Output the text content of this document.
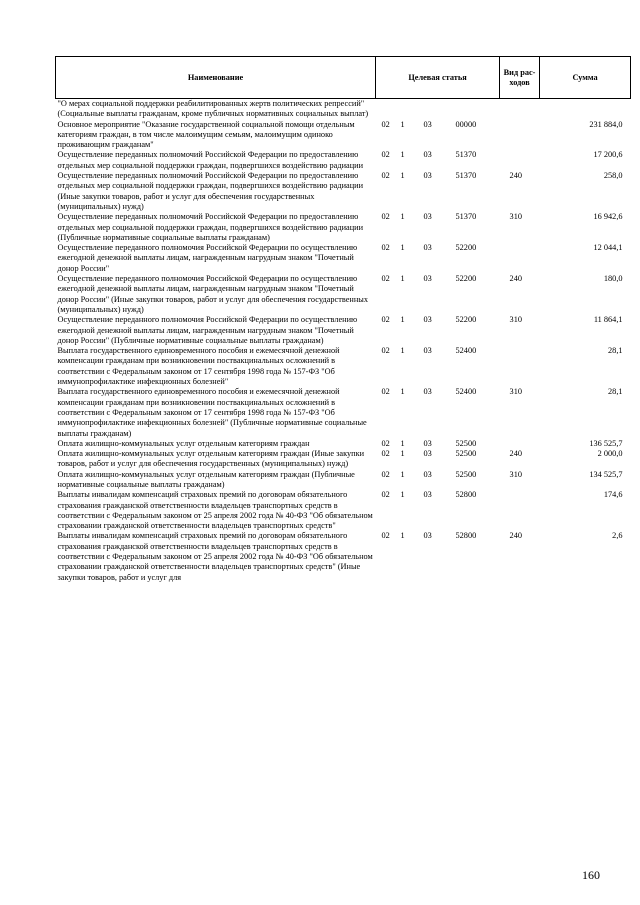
Наименование	Целевая статья				Вид рас-ходов	Сумма
"О мерах социальной поддержки реабилитированных жертв политических репрессий" (Социальные выплаты гражданам, кроме публичных нормативных социальных выплат)						
Основное мероприятие "Оказание государственной социальной помощи отдельным категориям граждан, в том числе малоимущим семьям, малоимущим одиноко проживающим гражданам"	02	1	03	00000		231 884,0
Осуществление переданных полномочий Российской Федерации по предоставлению отдельных мер социальной поддержки граждан, подвергшихся воздействию радиации	02	1	03	51370		17 200,6
Осуществление переданных полномочий Российской Федерации по предоставлению отдельных мер социальной поддержки граждан, подвергшихся воздействию радиации (Иные закупки товаров, работ и услуг для обеспечения государственных (муниципальных) нужд)	02	1	03	51370	240	258,0
Осуществление переданных полномочий Российской Федерации по предоставлению отдельных мер социальной поддержки граждан, подвергшихся воздействию радиации (Публичные нормативные социальные выплаты гражданам)	02	1	03	51370	310	16 942,6
Осуществление переданного полномочия Российской Федерации по осуществлению ежегодной денежной выплаты лицам, награжденным нагрудным знаком "Почетный донор России"	02	1	03	52200		12 044,1
Осуществление переданного полномочия Российской Федерации по осуществлению ежегодной денежной выплаты лицам, награжденным нагрудным знаком "Почетный донор России" (Иные закупки товаров, работ и услуг для обеспечения государственных (муниципальных) нужд)	02	1	03	52200	240	180,0
Осуществление переданного полномочия Российской Федерации по осуществлению ежегодной денежной выплаты лицам, награжденным нагрудным знаком "Почетный донор России" (Публичные нормативные социальные выплаты гражданам)	02	1	03	52200	310	11 864,1
Выплата государственного единовременного пособия и ежемесячной денежной компенсации гражданам при возникновении поствакцинальных осложнений в соответствии с Федеральным законом от 17 сентября 1998 года № 157-ФЗ "Об иммунопрофилактике инфекционных болезней"	02	1	03	52400		28,1
Выплата государственного единовременного пособия и ежемесячной денежной компенсации гражданам при возникновении поствакцинальных осложнений в соответствии с Федеральным законом от 17 сентября 1998 года № 157-ФЗ "Об иммунопрофилактике инфекционных болезней" (Публичные нормативные социальные выплаты гражданам)	02	1	03	52400	310	28,1
Оплата жилищно-коммунальных услуг отдельным категориям граждан	02	1	03	52500		136 525,7
Оплата жилищно-коммунальных услуг отдельным категориям граждан (Иные закупки товаров, работ и услуг для обеспечения государственных (муниципальных) нужд)	02	1	03	52500	240	2 000,0
Оплата жилищно-коммунальных услуг отдельным категориям граждан (Публичные нормативные социальные выплаты гражданам)	02	1	03	52500	310	134 525,7
Выплаты инвалидам компенсаций страховых премий по договорам обязательного страхования гражданской ответственности владельцев транспортных средств в соответствии с Федеральным законом от 25 апреля 2002 года № 40-ФЗ "Об обязательном страховании гражданской ответственности владельцев транспортных средств"	02	1	03	52800		174,6
Выплаты инвалидам компенсаций страховых премий по договорам обязательного страхования гражданской ответственности владельцев транспортных средств в соответствии с Федеральным законом от 25 апреля 2002 года № 40-ФЗ "Об обязательном страховании гражданской ответственности владельцев транспортных средств" (Иные закупки товаров, работ и услуг для	02	1	03	52800	240	2,6
160
